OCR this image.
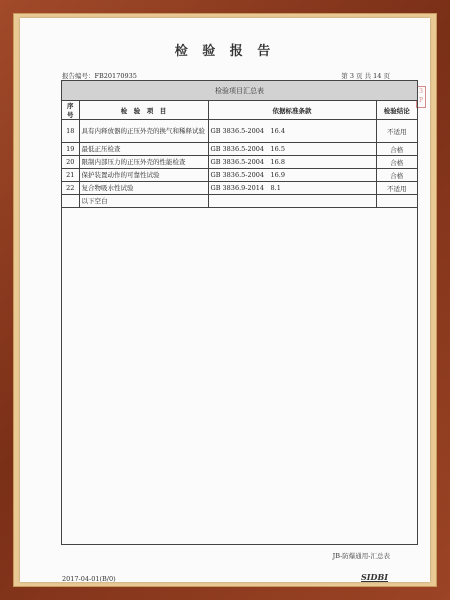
检 验 报 告
报告编号：FB20170935	第 3 页 共 14 页
3
P
检验项目汇总表
序号	检　验　项　目	依据标准条款	检验结论
18	具有内释放器的正压外壳的换气和稀释试验	GB 3836.5-2004 16.4	不适用
19	最低正压检查	GB 3836.5-2004 16.5	合格
20	限制内部压力的正压外壳的性能检查	GB 3836.5-2004 16.8	合格
21	保护装置动作的可靠性试验	GB 3836.5-2004 16.9	合格
22	复合物吸水性试验	GB 3836.9-2014 8.1	不适用
	以下空白		
JB-防爆通用-汇总表
2017-04-01(B/0)	SIDBI
